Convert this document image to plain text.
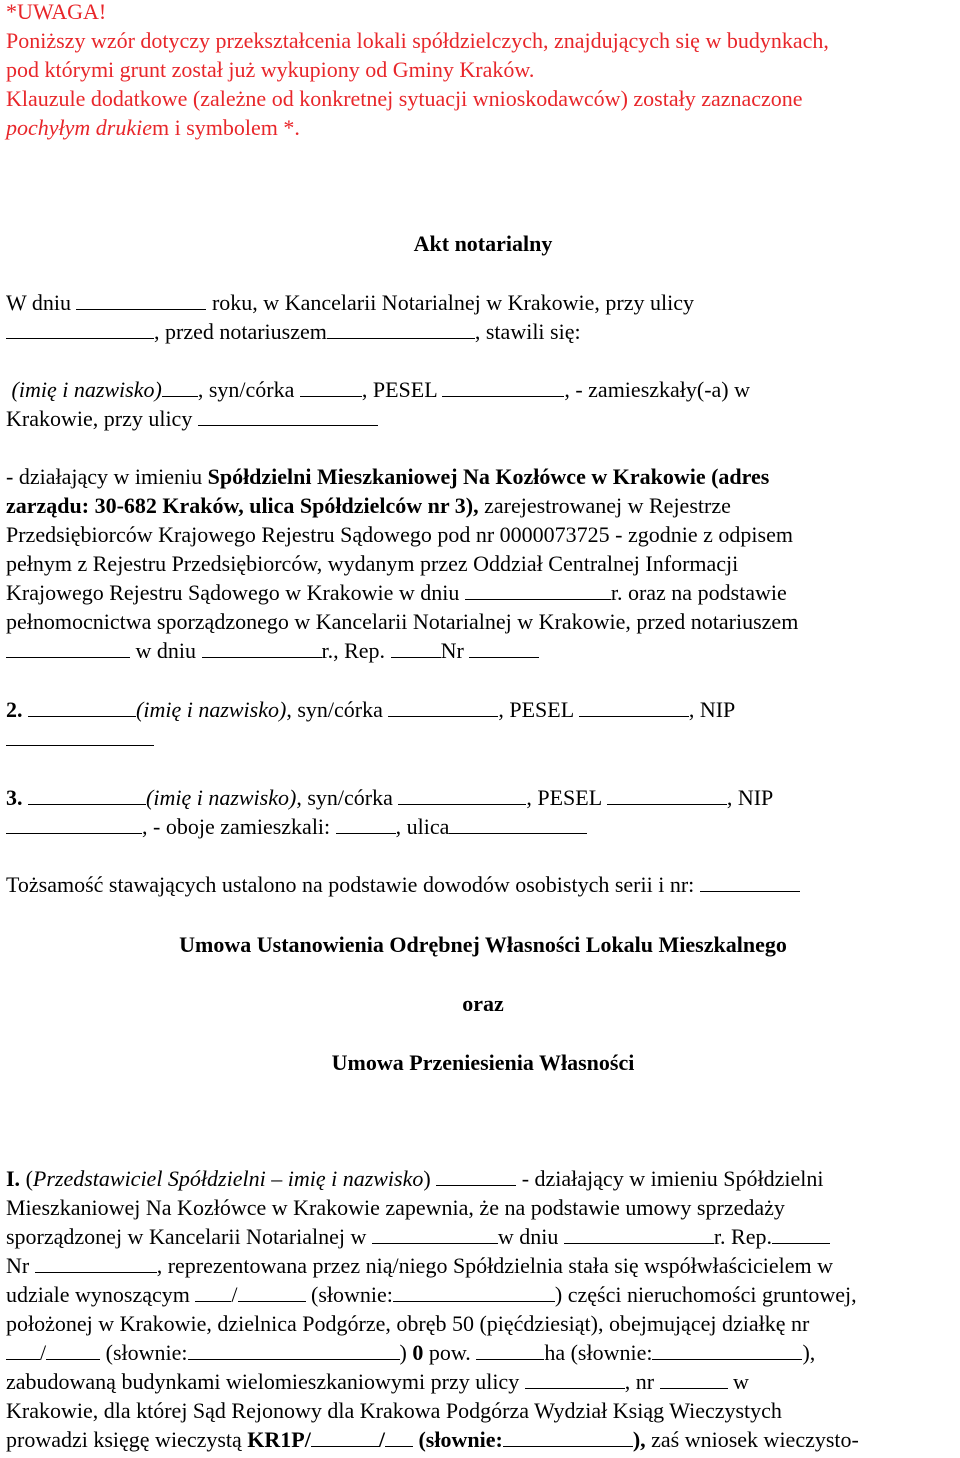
*UWAGA!
Poniższy wzór dotyczy przekształcenia lokali spółdzielczych, znajdujących się w budynkach,
pod którymi grunt został już wykupiony od Gminy Kraków.
Klauzule dodatkowe (zależne od konkretnej sytuacji wnioskodawców) zostały zaznaczone
pochyłym drukiem i symbolem *.
Akt notarialny
W dniu	roku, w Kancelarii Notarialnej w Krakowie, przy ulicy
, przed notariuszem	, stawili się:
(imię i nazwisko) , syn/córka	, PESEL	, - zamieszkały(-a) w
Krakowie, przy ulicy
- działający w imieniu Spółdzielni Mieszkaniowej Na Kozłówce w Krakowie (adres
zarządu: 30-682 Kraków, ulica Spółdzielców nr 3), zarejestrowanej w Rejestrze
Przedsiębiorców Krajowego Rejestru Sądowego pod nr 0000073725 - zgodnie z odpisem
pełnym z Rejestru Przedsiębiorców, wydanym przez Oddział Centralnej Informacji
Krajowego Rejestru Sądowego w Krakowie w dniu	r. oraz na podstawie
pełnomocnictwa sporządzonego w Kancelarii Notarialnej w Krakowie, przed notariuszem
w dniu	r., Rep.	Nr
2.	(imię i nazwisko), syn/córka	, PESEL	, NIP
3.	(imię i nazwisko), syn/córka	, PESEL	, NIP
, - oboje zamieszkali:	, ulica
Tożsamość stawających ustalono na podstawie dowodów osobistych serii i nr:
Umowa Ustanowienia Odrębnej Własności Lokalu Mieszkalnego
oraz
Umowa Przeniesienia Własności
I. (Przedstawiciel Spółdzielni – imię i nazwisko)	- działający w imieniu Spółdzielni
Mieszkaniowej Na Kozłówce w Krakowie zapewnia, że na podstawie umowy sprzedaży
sporządzonej w Kancelarii Notarialnej w	w dniu	r. Rep.
Nr	, reprezentowana przez nią/niego Spółdzielnia stała się współwłaścicielem w
udziale wynoszącym /	(słownie:	) części nieruchomości gruntowej,
położonej w Krakowie, dzielnica Podgórze, obręb 50 (pięćdziesiąt), obejmującej działkę nr
/	(słownie:	) 0 pow.	ha (słownie:	),
zabudowaną budynkami wielomieszkaniowymi przy ulicy	, nr	w
Krakowie, dla której Sąd Rejonowy dla Krakowa Podgórza Wydział Ksiąg Wieczystych
prowadzi księgę wieczystą KR1P/	/ (słownie:	), zaś wniosek wieczysto-
